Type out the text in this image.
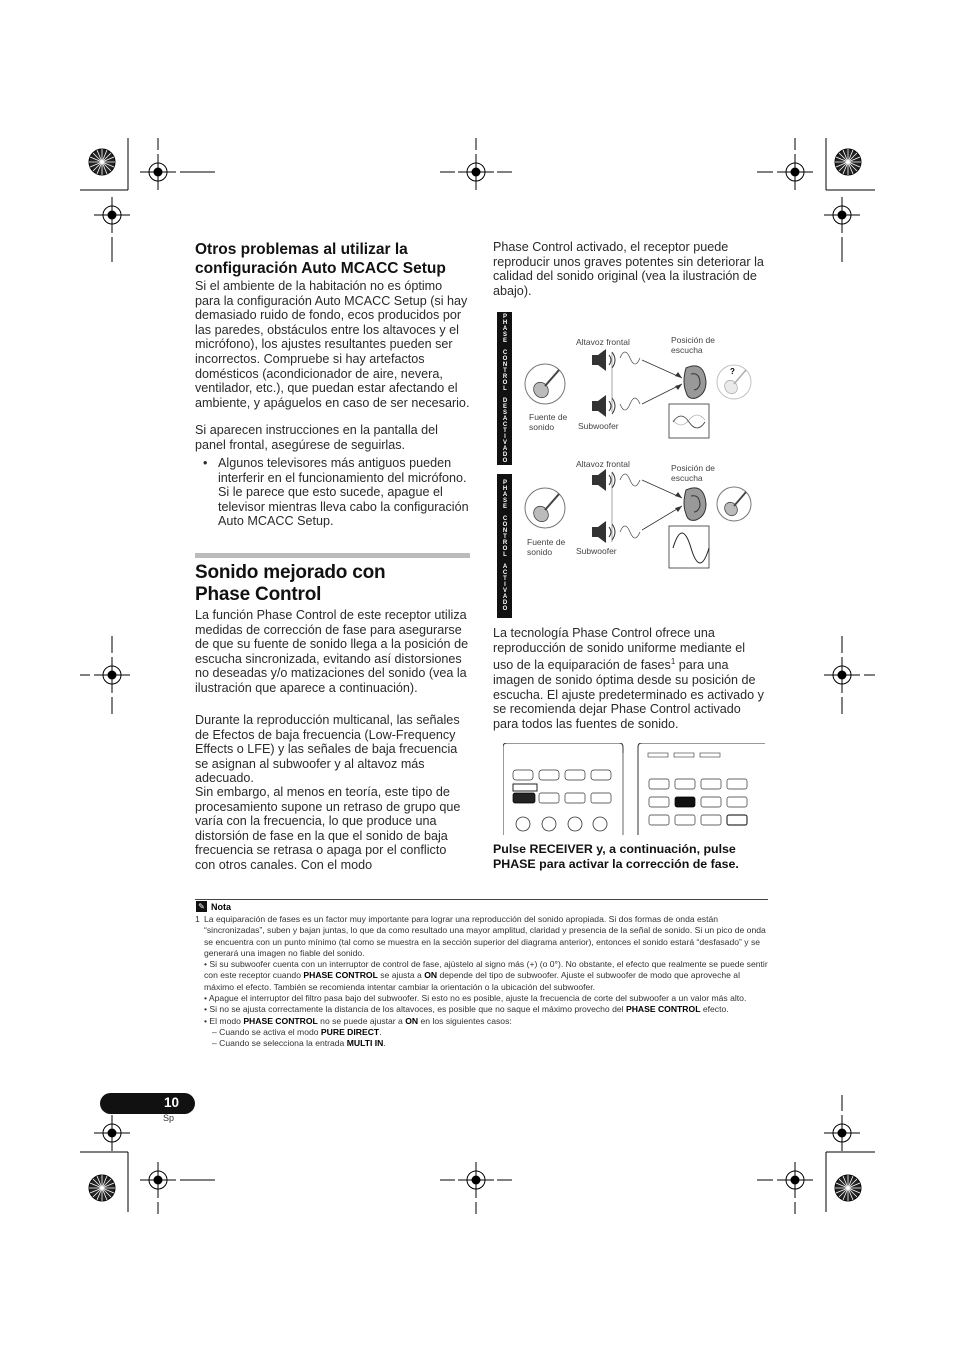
Otros problemas al utilizar la configuración Auto MCACC Setup

Si el ambiente de la habitación no es óptimo para la configuración Auto MCACC Setup (si hay demasiado ruido de fondo, ecos producidos por las paredes, obstáculos entre los altavoces y el micrófono), los ajustes resultantes pueden ser incorrectos. Compruebe si hay artefactos domésticos (acondicionador de aire, nevera, ventilador, etc.), que puedan estar afectando el ambiente, y apáguelos en caso de ser necesario.

Si aparecen instrucciones en la pantalla del panel frontal, asegúrese de seguirlas.

• Algunos televisores más antiguos pueden interferir en el funcionamiento del micrófono. Si le parece que esto sucede, apague el televisor mientras lleva cabo la configuración Auto MCACC Setup.

Sonido mejorado con Phase Control

La función Phase Control de este receptor utiliza medidas de corrección de fase para asegurarse de que su fuente de sonido llega a la posición de escucha sincronizada, evitando así distorsiones no deseadas y/o matizaciones del sonido (vea la ilustración que aparece a continuación).

Durante la reproducción multicanal, las señales de Efectos de baja frecuencia (Low-Frequency Effects o LFE) y las señales de baja frecuencia se asignan al subwoofer y al altavoz más adecuado.

Sin embargo, al menos en teoría, este tipo de procesamiento supone un retraso de grupo que varía con la frecuencia, lo que produce una distorsión de fase en la que el sonido de baja frecuencia se retrasa o apaga por el conflicto con otros canales. Con el modo

Phase Control activado, el receptor puede reproducir unos graves potentes sin deteriorar la calidad del sonido original (vea la ilustración de abajo).

PHASE CONTROL DESACTIVADO
PHASE CONTROL ACTIVADO
?
Altavoz frontal	Posición de escucha
Fuente de sonido	Subwoofer
Altavoz frontal	Posición de escucha
Fuente de sonido	Subwoofer

La tecnología Phase Control ofrece una reproducción de sonido uniforme mediante el uso de la equiparación de fases$^1$ para una imagen de sonido óptima desde su posición de escucha. El ajuste predeterminado es activado y se recomienda dejar Phase Control activado para todos las fuentes de sonido.

Pulse RECEIVER y, a continuación, pulse PHASE para activar la corrección de fase.
✎ Nota
1 La equiparación de fases es un factor muy importante para lograr una reproducción del sonido apropiada. Si dos formas de onda están “sincronizadas”, suben y bajan juntas, lo que da como resultado una mayor amplitud, claridad y presencia de la señal de sonido. Si un pico de onda se encuentra con un punto mínimo (tal como se muestra en la sección superior del diagrama anterior), entonces el sonido estará “desfasado” y se generará una imagen no fiable del sonido.
• Si su subwoofer cuenta con un interruptor de control de fase, ajústelo al signo más (+) (o 0°). No obstante, el efecto que realmente se puede sentir con este receptor cuando PHASE CONTROL se ajusta a ON depende del tipo de subwoofer. Ajuste el subwoofer de modo que aproveche al máximo el efecto. También se recomienda intentar cambiar la orientación o la ubicación del subwoofer.
• Apague el interruptor del filtro pasa bajo del subwoofer. Si esto no es posible, ajuste la frecuencia de corte del subwoofer a un valor más alto.
• Si no se ajusta correctamente la distancia de los altavoces, es posible que no saque el máximo provecho del PHASE CONTROL efecto.
• El modo PHASE CONTROL no se puede ajustar a ON en los siguientes casos:
– Cuando se activa el modo PURE DIRECT.
– Cuando se selecciona la entrada MULTI IN.
10
Sp
